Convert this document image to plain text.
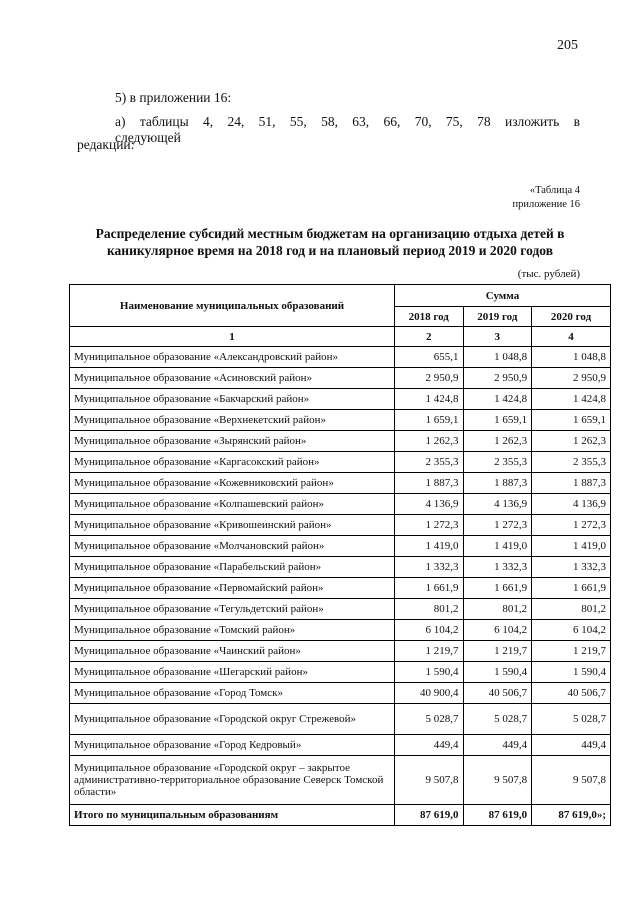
205
5) в приложении 16:
а) таблицы 4, 24, 51, 55, 58, 63, 66, 70, 75, 78 изложить в следующей
редакции:
«Таблица 4
приложение 16
Распределение субсидий местным бюджетам на организацию отдыха детей в
каникулярное время на 2018 год и на плановый период 2019 и 2020 годов
(тыс. рублей)
Наименование муниципальных образований	Сумма		
	2018 год	2019 год	2020 год
1	2	3	4
Муниципальное образование «Александровский район»	655,1	1 048,8	1 048,8
Муниципальное образование «Асиновский район»	2 950,9	2 950,9	2 950,9
Муниципальное образование «Бакчарский район»	1 424,8	1 424,8	1 424,8
Муниципальное образование «Верхнекетский район»	1 659,1	1 659,1	1 659,1
Муниципальное образование «Зырянский район»	1 262,3	1 262,3	1 262,3
Муниципальное образование «Каргасокский район»	2 355,3	2 355,3	2 355,3
Муниципальное образование «Кожевниковский район»	1 887,3	1 887,3	1 887,3
Муниципальное образование «Колпашевский район»	4 136,9	4 136,9	4 136,9
Муниципальное образование «Кривошеинский район»	1 272,3	1 272,3	1 272,3
Муниципальное образование «Молчановский район»	1 419,0	1 419,0	1 419,0
Муниципальное образование «Парабельский район»	1 332,3	1 332,3	1 332,3
Муниципальное образование «Первомайский район»	1 661,9	1 661,9	1 661,9
Муниципальное образование «Тегульдетский район»	801,2	801,2	801,2
Муниципальное образование «Томский район»	6 104,2	6 104,2	6 104,2
Муниципальное образование «Чаинский район»	1 219,7	1 219,7	1 219,7
Муниципальное образование «Шегарский район»	1 590,4	1 590,4	1 590,4
Муниципальное образование «Город Томск»	40 900,4	40 506,7	40 506,7
Муниципальное образование «Городской округ Стрежевой»	5 028,7	5 028,7	5 028,7
Муниципальное образование «Город Кедровый»	449,4	449,4	449,4
Муниципальное образование «Городской округ – закрытое административно-территориальное образование Северск Томской области»	9 507,8	9 507,8	9 507,8
Итого по муниципальным образованиям	87 619,0	87 619,0	87 619,0»;
